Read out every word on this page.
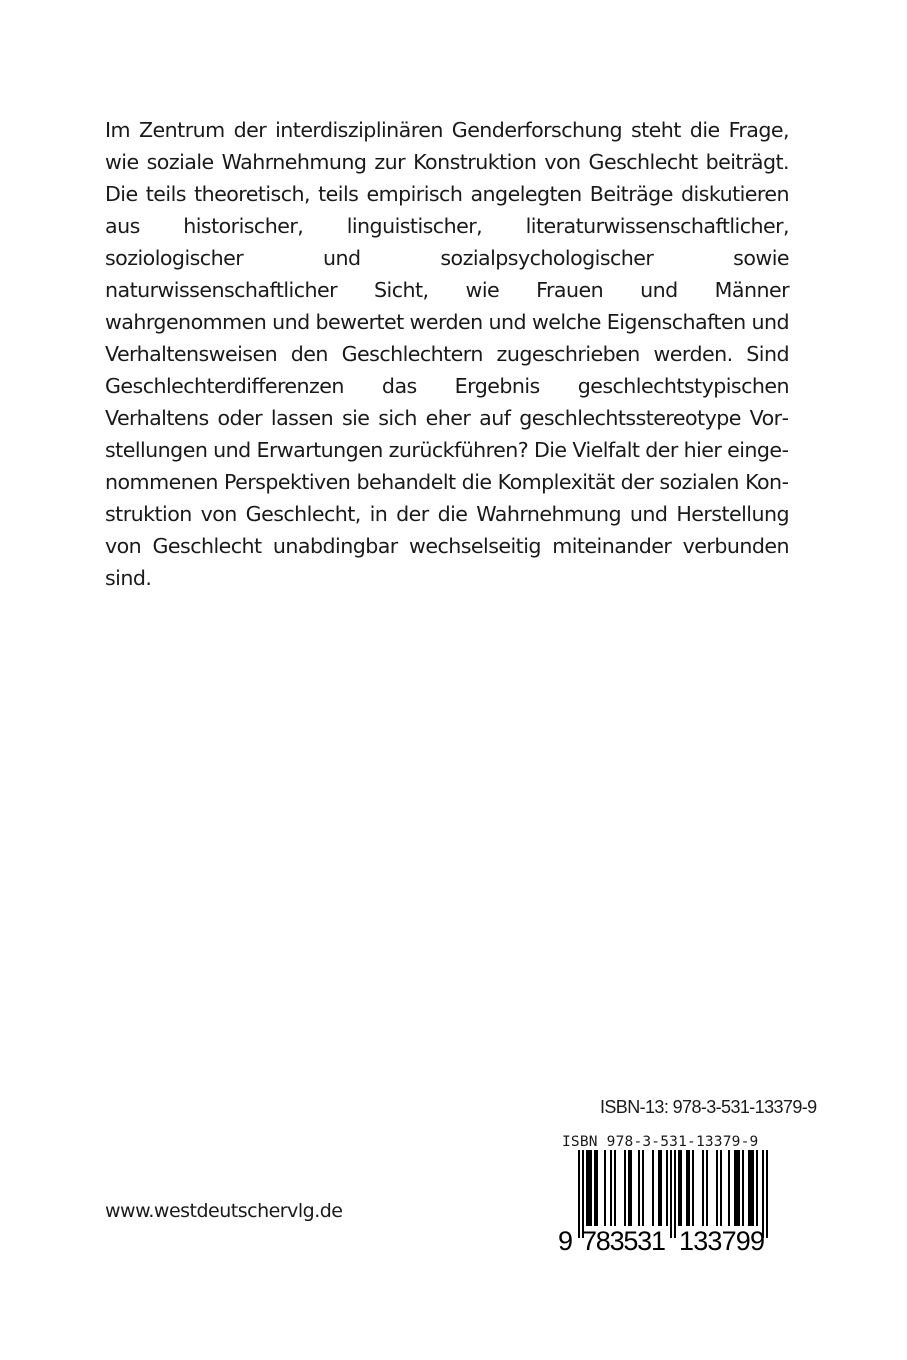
Im Zentrum der interdisziplinären Genderforschung steht die Frage, wie soziale Wahrnehmung zur Konstruktion von Geschlecht beiträgt. Die teils theoretisch, teils empirisch angelegten Beiträge diskutieren aus historischer, linguistischer, literaturwissenschaftlicher, soziologischer und sozialpsychologischer sowie naturwissenschaftlicher Sicht, wie Frauen und Männer wahrgenommen und bewertet werden und welche Eigenschaften und Verhaltensweisen den Geschlechtern zugeschrieben werden. Sind Geschlechterdifferenzen das Ergebnis geschlechtstypischen Verhaltens oder lassen sie sich eher auf geschlechtsstereotype Vorstellungen und Erwartungen zurückführen? Die Vielfalt der hier eingenommenen Perspektiven behandelt die Komplexität der sozialen Konstruktion von Geschlecht, in der die Wahrnehmung und Herstellung von Geschlecht unabdingbar wechselseitig miteinander verbunden sind.

ISBN-13: 978-3-531-13379-9
ISBN 978-3-531-13379-9
9 783531 133799
www.westdeutschervlg.de
